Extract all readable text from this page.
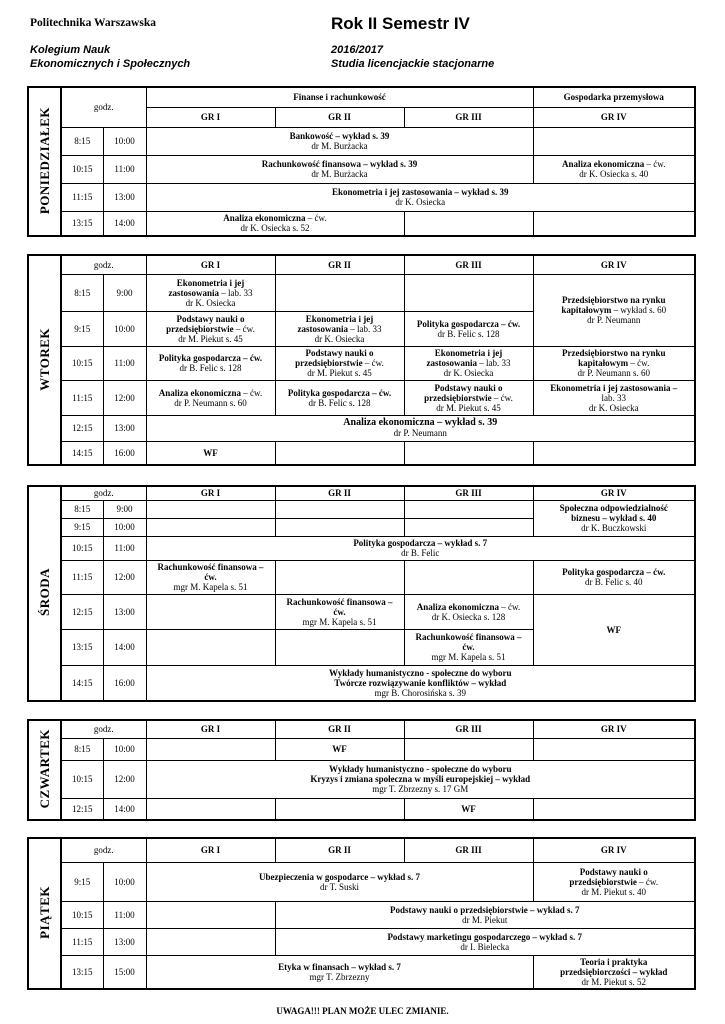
Politechnika Warszawska
Kolegium Nauk
Ekonomicznych i Społecznych
Rok II Semestr IV
2016/2017
Studia licencjackie stacjonarne
PONIEDZIAŁEK	godz.		Finanse i rachunkowość			Gospodarka przemysłowa
			GR I	GR II	GR III	GR IV
	8:15	10:00	Bankowość – wykład s. 39
dr M. Burżacka			

	10:15	11:00	Rachunkowość finansowa – wykład s. 39
dr M. Burżacka			Analiza ekonomiczna – ćw.
dr K. Osiecka s. 40

	11:15	13:00	Ekonometria i jej zastosowania – wykład s. 39
dr K. Osiecka			

	13:15	14:00	Analiza ekonomiczna – ćw.
dr K. Osiecka s. 52			

WTOREK	godz.		GR I	GR II	GR III	GR IV
	8:15	9:00	Ekonometria i jej
zastosowania – lab. 33
dr K. Osiecka			Przedsiębiorstwo na rynku
kapitałowym – wykład s. 60
dr P. Neumann

	9:15	10:00	Podstawy nauki o
przedsiębiorstwie – ćw.
dr M. Piekut s. 45	Ekonometria i jej
zastosowania – lab. 33
dr K. Osiecka	Polityka gospodarcza – ćw.
dr B. Felic s. 128	

	10:15	11:00	Polityka gospodarcza – ćw.
dr B. Felic s. 128	Podstawy nauki o
przedsiębiorstwie – ćw.
dr M. Piekut s. 45	Ekonometria i jej
zastosowania – lab. 33
dr K. Osiecka	Przedsiębiorstwo na rynku
kapitałowym – ćw.
dr P. Neumann s. 60

	11:15	12:00	Analiza ekonomiczna – ćw.
dr P. Neumann s. 60	Polityka gospodarcza – ćw.
dr B. Felic s. 128	Podstawy nauki o
przedsiębiorstwie – ćw.
dr M. Piekut s. 45	Ekonometria i jej zastosowania –
lab. 33
dr K. Osiecka

	12:15	13:00	Analiza ekonomiczna – wykład s. 39
dr P. Neumann			

	14:15	16:00	WF			
ŚRODA	godz.		GR I	GR II	GR III	GR IV
	8:15	9:00				Społeczna odpowiedzialność
biznesu – wykład s. 40
dr K. Buczkowski

	9:15	10:00				
	10:15	11:00	Polityka gospodarcza – wykład s. 7
dr B. Felic			

	11:15	12:00	Rachunkowość finansowa –
ćw.
mgr M. Kapela s. 51			Polityka gospodarcza – ćw.
dr B. Felic s. 40

	12:15	13:00		Rachunkowość finansowa –
ćw.
mgr M. Kapela s. 51	Analiza ekonomiczna – ćw.
dr K. Osiecka s. 128	WF
	13:15	14:00			Rachunkowość finansowa –
ćw.
mgr M. Kapela s. 51	

	14:15	16:00	Wykłady humanistyczno - społeczne do wyboru
Twórcze rozwiązywanie konfliktów – wykład
mgr B. Chorosińska s. 39			
CZWARTEK	godz.		GR I	GR II	GR III	GR IV
	8:15	10:00		WF		
	10:15	12:00	Wykłady humanistyczno - społeczne do wyboru
Kryzys i zmiana społeczna w myśli europejskiej – wykład
mgr T. Zbrzezny s. 17 GM			

	12:15	14:00			WF	
PIĄTEK	godz.		GR I	GR II	GR III	GR IV
	9:15	10:00	Ubezpieczenia w gospodarce – wykład s. 7
dr T. Suski			Podstawy nauki o
przedsiębiorstwie – ćw.
dr M. Piekut s. 40

	10:15	11:00		Podstawy nauki o przedsiębiorstwie – wykład s. 7
dr M. Piekut		

	11:15	13:00		Podstawy marketingu gospodarczego – wykład s. 7
dr I. Bielecka		

	13:15	15:00	Etyka w finansach – wykład s. 7
mgr T. Zbrzezny			Teoria i praktyka
przedsiębiorczości – wykład
dr M. Piekut s. 52
UWAGA!!! PLAN MOŻE ULEC ZMIANIE.
